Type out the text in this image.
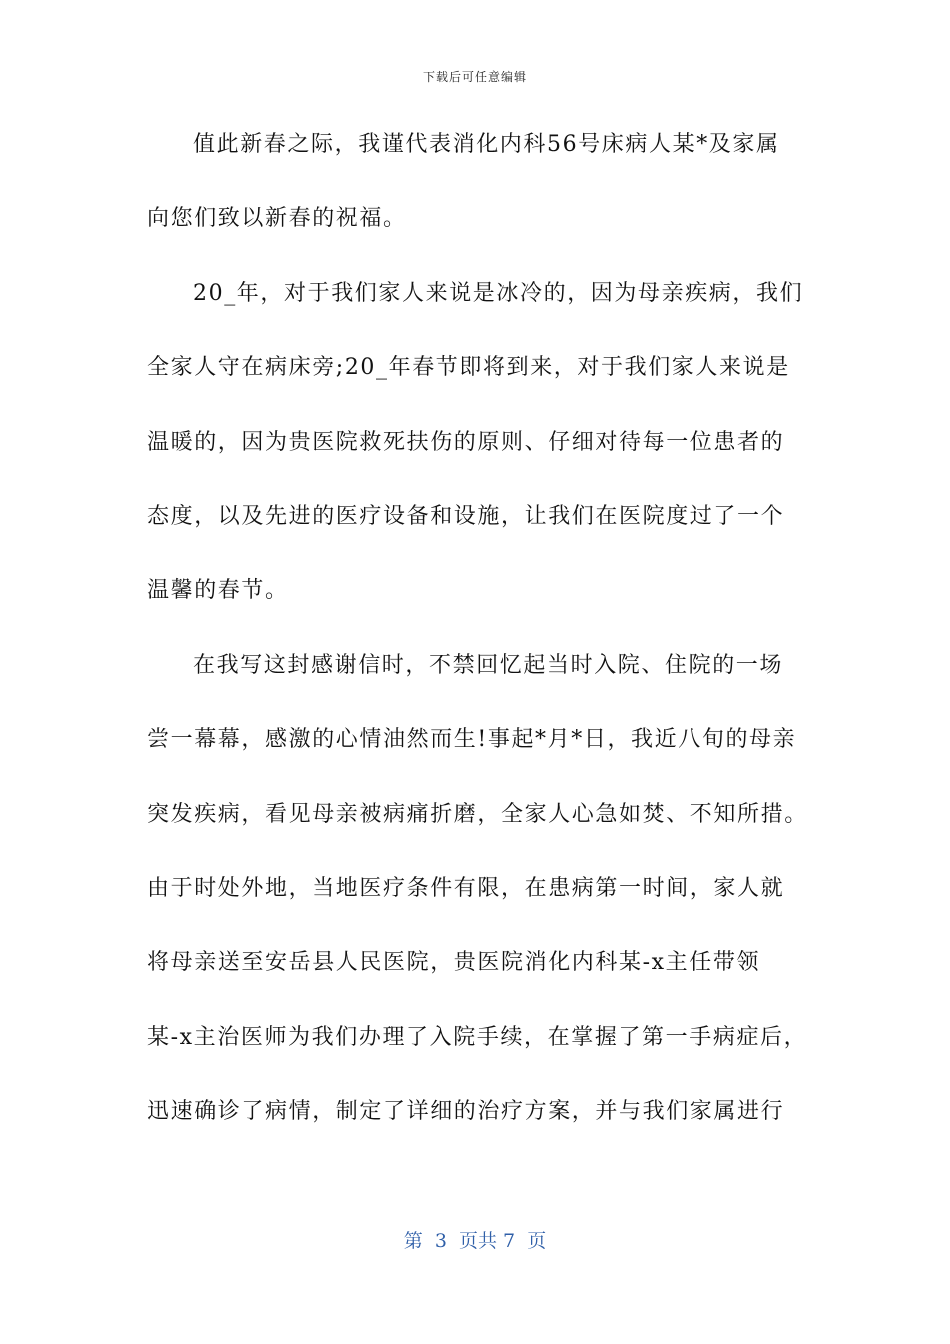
下载后可任意编辑
值此新春之际，我谨代表消化内科56号床病人某*及家属
向您们致以新春的祝福。
20_年，对于我们家人来说是冰冷的，因为母亲疾病，我们
全家人守在病床旁;20_年春节即将到来，对于我们家人来说是
温暖的，因为贵医院救死扶伤的原则、仔细对待每一位患者的
态度，以及先进的医疗设备和设施，让我们在医院度过了一个
温馨的春节。
在我写这封感谢信时，不禁回忆起当时入院、住院的一场
尝一幕幕，感激的心情油然而生!事起*月*日，我近八旬的母亲
突发疾病，看见母亲被病痛折磨，全家人心急如焚、不知所措。
由于时处外地，当地医疗条件有限，在患病第一时间，家人就
将母亲送至安岳县人民医院，贵医院消化内科某-x主任带领
某-x主治医师为我们办理了入院手续，在掌握了第一手病症后，
迅速确诊了病情，制定了详细的治疗方案，并与我们家属进行
第  3  页共 7  页
